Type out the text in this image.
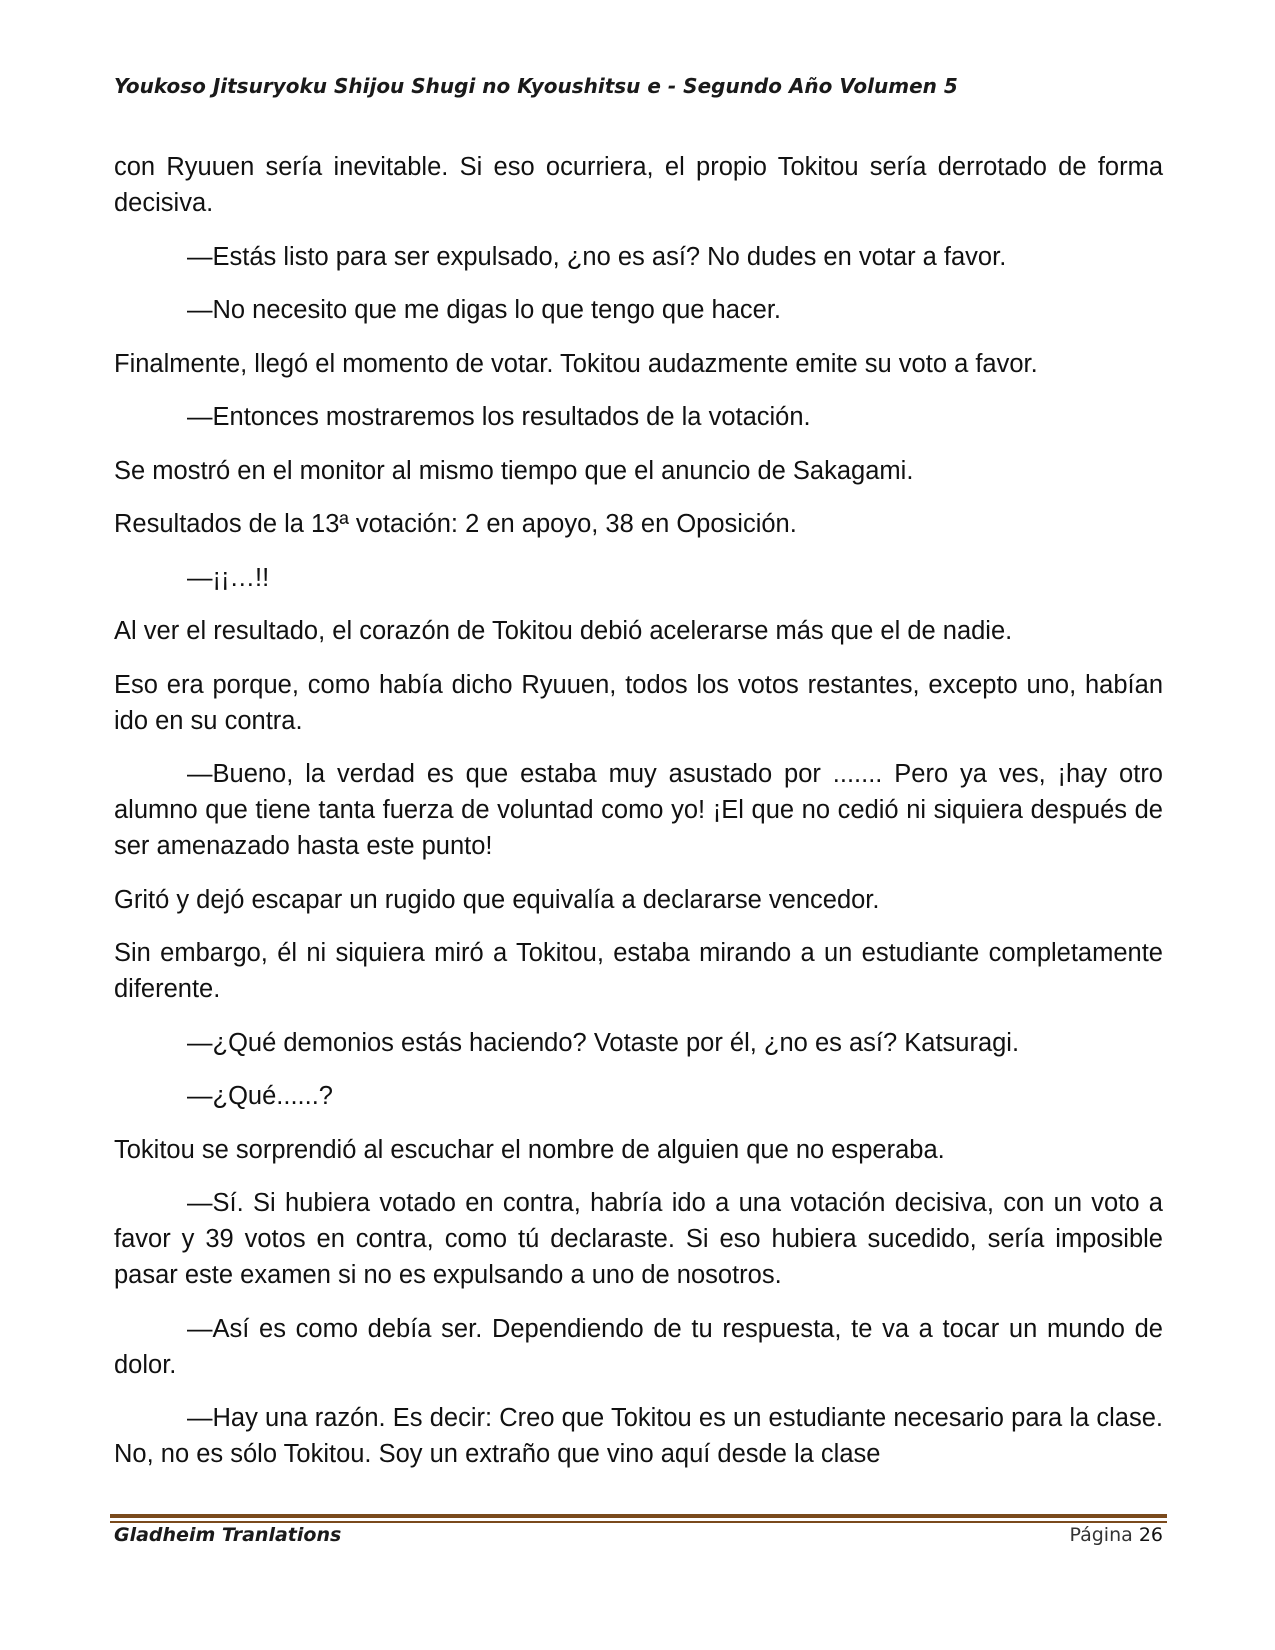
Youkoso Jitsuryoku Shijou Shugi no Kyoushitsu e - Segundo Año Volumen 5

con Ryuuen sería inevitable. Si eso ocurriera, el propio Tokitou sería derrotado de forma decisiva.

—Estás listo para ser expulsado, ¿no es así? No dudes en votar a favor.

—No necesito que me digas lo que tengo que hacer.

Finalmente, llegó el momento de votar. Tokitou audazmente emite su voto a favor.

—Entonces mostraremos los resultados de la votación.

Se mostró en el monitor al mismo tiempo que el anuncio de Sakagami.

Resultados de la 13ª votación: 2 en apoyo, 38 en Oposición.

—¡¡…!!

Al ver el resultado, el corazón de Tokitou debió acelerarse más que el de nadie.

Eso era porque, como había dicho Ryuuen, todos los votos restantes, excepto uno, habían ido en su contra.

—Bueno, la verdad es que estaba muy asustado por ....... Pero ya ves, ¡hay otro alumno que tiene tanta fuerza de voluntad como yo! ¡El que no cedió ni siquiera después de ser amenazado hasta este punto!

Gritó y dejó escapar un rugido que equivalía a declararse vencedor.

Sin embargo, él ni siquiera miró a Tokitou, estaba mirando a un estudiante completamente diferente.

—¿Qué demonios estás haciendo? Votaste por él, ¿no es así? Katsuragi.

—¿Qué......?

Tokitou se sorprendió al escuchar el nombre de alguien que no esperaba.

—Sí. Si hubiera votado en contra, habría ido a una votación decisiva, con un voto a favor y 39 votos en contra, como tú declaraste. Si eso hubiera sucedido, sería imposible pasar este examen si no es expulsando a uno de nosotros.

—Así es como debía ser. Dependiendo de tu respuesta, te va a tocar un mundo de dolor.

—Hay una razón. Es decir: Creo que Tokitou es un estudiante necesario para la clase. No, no es sólo Tokitou. Soy un extraño que vino aquí desde la clase

Gladheim Tranlations	Página 26
